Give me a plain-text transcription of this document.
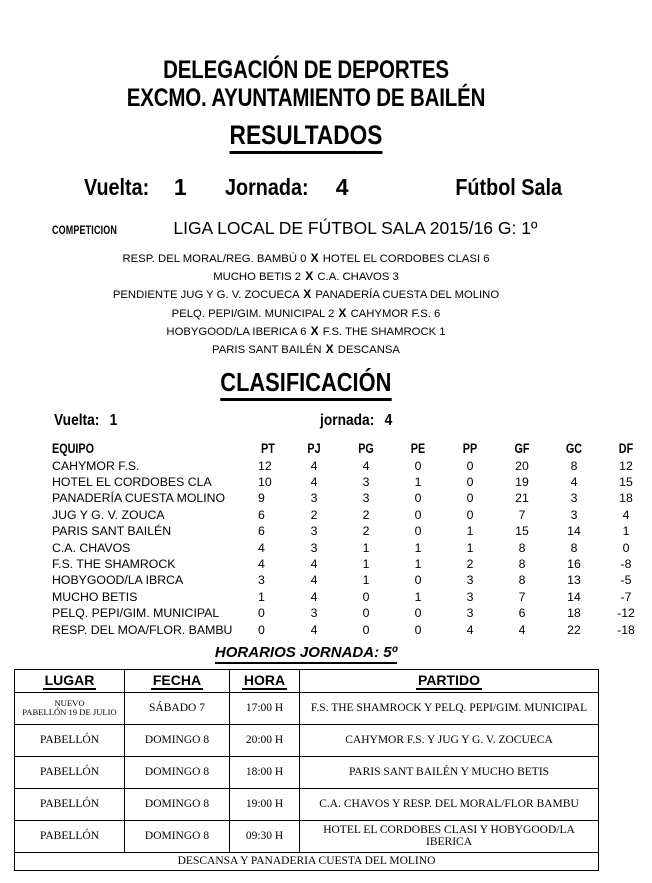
DELEGACIÓN DE DEPORTES
EXCMO. AYUNTAMIENTO DE BAILÉN
RESULTADOS
Vuelta: 1 Jornada: 4	Fútbol Sala
COMPETICION	LIGA LOCAL DE FÚTBOL SALA 2015/16 G: 1º
RESP. DEL MORAL/REG. BAMBÚ 0 X HOTEL EL CORDOBES CLASI 6
MUCHO BETIS 2 X C.A. CHAVOS 3
PENDIENTE JUG Y G. V. ZOCUECA X PANADERÍA CUESTA DEL MOLINO
PELQ. PEPI/GIM. MUNICIPAL 2 X CAHYMOR F.S. 6
HOBYGOOD/LA IBERICA 6 X F.S. THE SHAMROCK 1
PARIS SANT BAILÉN X DESCANSA
CLASIFICACIÓN
Vuelta: 1	jornada: 4
EQUIPO	PT	PJ	PG	PE	PP	GF	GC	DF
CAHYMOR F.S.	12	4	4	0	0	20	8	12
HOTEL EL CORDOBES CLA	10	4	3	1	0	19	4	15
PANADERÍA CUESTA MOLINO	9	3	3	0	0	21	3	18
JUG Y G. V. ZOUCA	6	2	2	0	0	7	3	4
PARIS SANT BAILÉN	6	3	2	0	1	15	14	1
C.A. CHAVOS	4	3	1	1	1	8	8	0
F.S. THE SHAMROCK	4	4	1	1	2	8	16	-8
HOBYGOOD/LA IBRCA	3	4	1	0	3	8	13	-5
MUCHO BETIS	1	4	0	1	3	7	14	-7
PELQ. PEPI/GIM. MUNICIPAL	0	3	0	0	3	6	18	-12
RESP. DEL MOA/FLOR. BAMBU	0	4	0	0	4	4	22	-18
HORARIOS JORNADA: 5º
LUGAR	FECHA	HORA	PARTIDO

NUEVO
PABELLÓN 19 DE JULIO	SÁBADO 7	17:00 H	F.S. THE SHAMROCK Y PELQ. PEPI/GIM. MUNICIPAL

PABELLÓN	DOMINGO 8	20:00 H	CAHYMOR F.S. Y JUG Y G. V. ZOCUECA

PABELLÓN	DOMINGO 8	18:00 H	PARIS SANT BAILÉN Y MUCHO BETIS

PABELLÓN	DOMINGO 8	19:00 H	C.A. CHAVOS Y RESP. DEL MORAL/FLOR BAMBU

PABELLÓN	DOMINGO 8	09:30 H	HOTEL EL CORDOBES CLASI Y HOBYGOOD/LA IBERICA
DESCANSA Y PANADERIA CUESTA DEL MOLINO			
